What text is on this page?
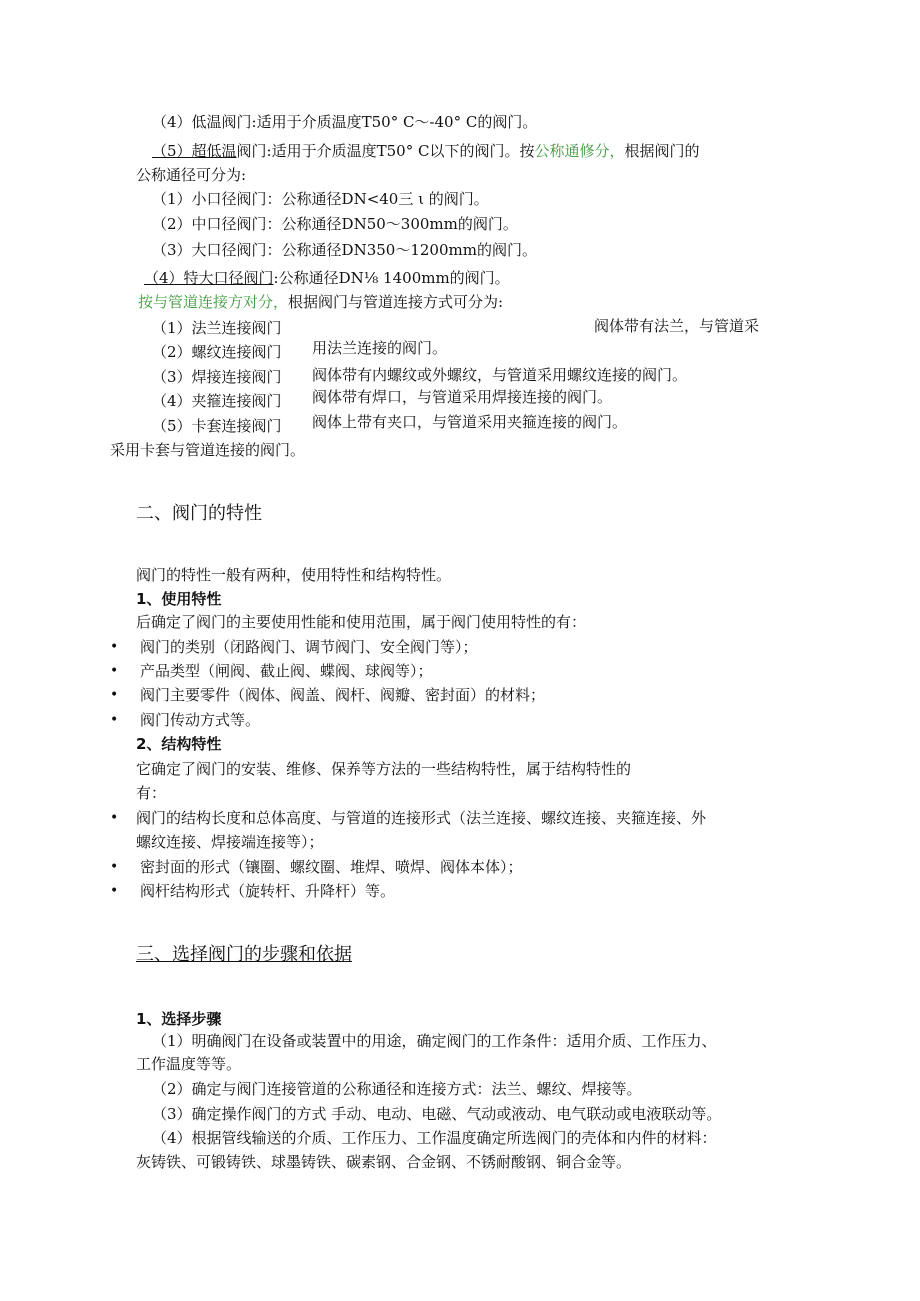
（4）低温阀门:适用于介质温度T50° C～-40° C的阀门。
（5）超低温阀门:适用于介质温度T50° C以下的阀门。按公称通修分，根据阀门的
公称通径可分为:
（1）小口径阀门：公称通径DN<40三 ι 的阀门。
（2）中口径阀门：公称通径DN50～300mm的阀门。
（3）大口径阀门：公称通径DN350～1200mm的阀门。
（4）特大口径阀门:公称通径DN⅛ 1400mm的阀门。
按与管道连接方对分，根据阀门与管道连接方式可分为:
（1）法兰连接阀门	阀体带有法兰，与管道采
（2）螺纹连接阀门 用法兰连接的阀门。
（3）焊接连接阀门 阀体带有内螺纹或外螺纹，与管道采用螺纹连接的阀门。
（4）夹箍连接阀门 阀体带有焊口，与管道采用焊接连接的阀门。
（5）卡套连接阀门 阀体上带有夹口，与管道采用夹箍连接的阀门。
采用卡套与管道连接的阀门。
二、阀门的特性
阀门的特性一般有两种，使用特性和结构特性。
1、使用特性
后确定了阀门的主要使用性能和使用范围，属于阀门使用特性的有：
• 阀门的类别（闭路阀门、调节阀门、安全阀门等）；
• 产品类型（闸阀、截止阀、蝶阀、球阀等）；
• 阀门主要零件（阀体、阀盖、阀杆、阀瓣、密封面）的材料；
• 阀门传动方式等。
2、结构特性
它确定了阀门的安装、维修、保养等方法的一些结构特性，属于结构特性的
有：
• 阀门的结构长度和总体高度、与管道的连接形式（法兰连接、螺纹连接、夹箍连接、外
螺纹连接、焊接端连接等）；
• 密封面的形式（镶圈、螺纹圈、堆焊、喷焊、阀体本体）；
• 阀杆结构形式（旋转杆、升降杆）等。
三、选择阀门的步骤和依据
1、选择步骤
（1）明确阀门在设备或装置中的用途，确定阀门的工作条件：适用介质、工作压力、
工作温度等等。
（2）确定与阀门连接管道的公称通径和连接方式：法兰、螺纹、焊接等。
（3）确定操作阀门的方式 手动、电动、电磁、气动或液动、电气联动或电液联动等。
（4）根据管线输送的介质、工作压力、工作温度确定所选阀门的壳体和内件的材料：
灰铸铁、可锻铸铁、球墨铸铁、碳素钢、合金钢、不锈耐酸钢、铜合金等。
